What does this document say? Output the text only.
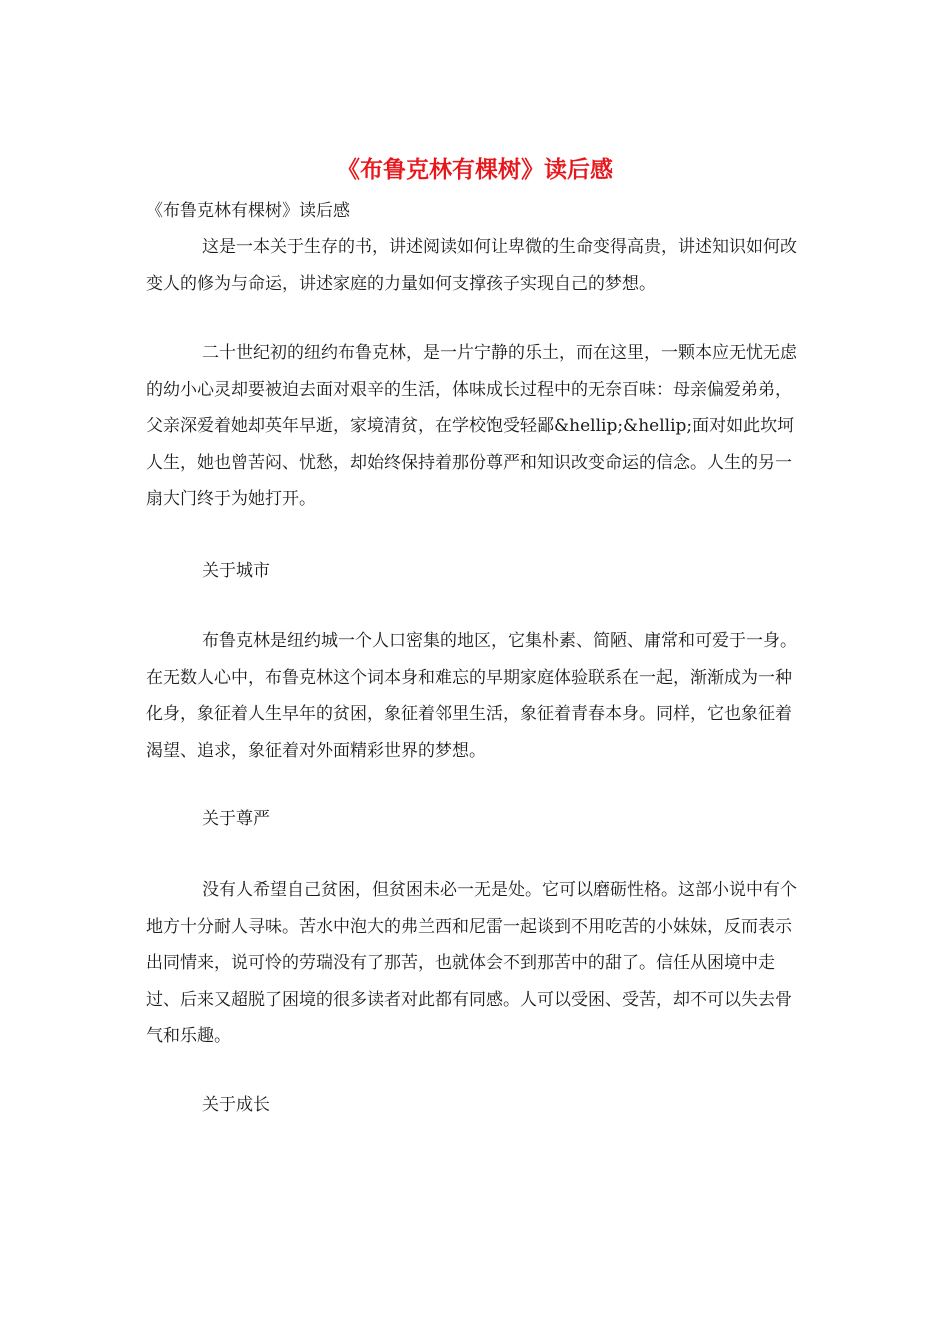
《布鲁克林有棵树》读后感

《布鲁克林有棵树》读后感

这是一本关于生存的书，讲述阅读如何让卑微的生命变得高贵，讲述知识如何改变人的修为与命运，讲述家庭的力量如何支撑孩子实现自己的梦想。

二十世纪初的纽约布鲁克林，是一片宁静的乐土，而在这里，一颗本应无忧无虑的幼小心灵却要被迫去面对艰辛的生活，体味成长过程中的无奈百味：母亲偏爱弟弟，父亲深爱着她却英年早逝，家境清贫，在学校饱受轻鄙&hellip;&hellip;面对如此坎坷人生，她也曾苦闷、忧愁，却始终保持着那份尊严和知识改变命运的信念。人生的另一扇大门终于为她打开。

关于城市

布鲁克林是纽约城一个人口密集的地区，它集朴素、简陋、庸常和可爱于一身。在无数人心中，布鲁克林这个词本身和难忘的早期家庭体验联系在一起，渐渐成为一种化身，象征着人生早年的贫困，象征着邻里生活，象征着青春本身。同样，它也象征着渴望、追求，象征着对外面精彩世界的梦想。

关于尊严

没有人希望自己贫困，但贫困未必一无是处。它可以磨砺性格。这部小说中有个地方十分耐人寻味。苦水中泡大的弗兰西和尼雷一起谈到不用吃苦的小妹妹，反而表示出同情来，说可怜的劳瑞没有了那苦，也就体会不到那苦中的甜了。信任从困境中走过、后来又超脱了困境的很多读者对此都有同感。人可以受困、受苦，却不可以失去骨气和乐趣。

关于成长
